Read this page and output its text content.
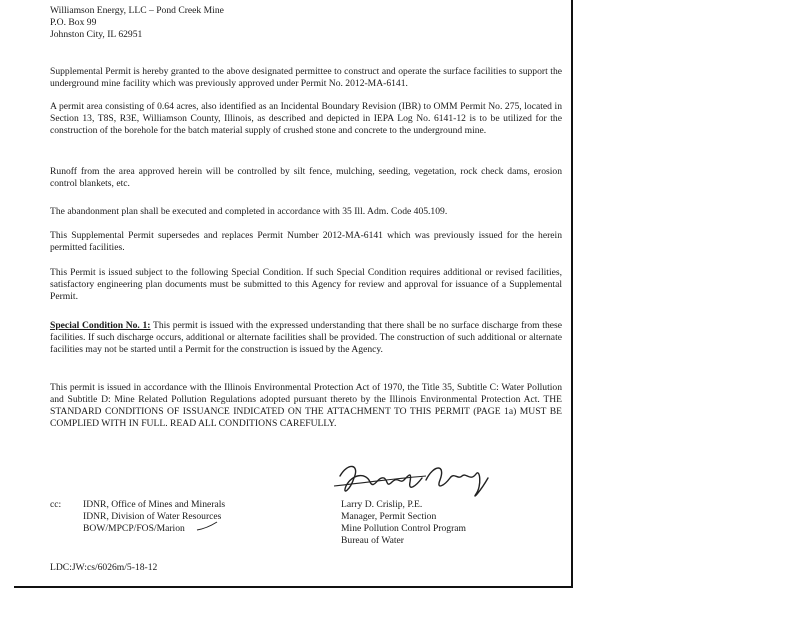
Williamson Energy, LLC – Pond Creek Mine
P.O. Box 99
Johnston City, IL 62951
Supplemental Permit is hereby granted to the above designated permittee to construct and operate the surface facilities to support the underground mine facility which was previously approved under Permit No. 2012-MA-6141.
A permit area consisting of 0.64 acres, also identified as an Incidental Boundary Revision (IBR) to OMM Permit No. 275, located in Section 13, T8S, R3E, Williamson County, Illinois, as described and depicted in IEPA Log No. 6141-12 is to be utilized for the construction of the borehole for the batch material supply of crushed stone and concrete to the underground mine.
Runoff from the area approved herein will be controlled by silt fence, mulching, seeding, vegetation, rock check dams, erosion control blankets, etc.
The abandonment plan shall be executed and completed in accordance with 35 Ill. Adm. Code 405.109.
This Supplemental Permit supersedes and replaces Permit Number 2012-MA-6141 which was previously issued for the herein permitted facilities.
This Permit is issued subject to the following Special Condition. If such Special Condition requires additional or revised facilities, satisfactory engineering plan documents must be submitted to this Agency for review and approval for issuance of a Supplemental Permit.
Special Condition No. 1: This permit is issued with the expressed understanding that there shall be no surface discharge from these facilities. If such discharge occurs, additional or alternate facilities shall be provided. The construction of such additional or alternate facilities may not be started until a Permit for the construction is issued by the Agency.
This permit is issued in accordance with the Illinois Environmental Protection Act of 1970, the Title 35, Subtitle C: Water Pollution and Subtitle D: Mine Related Pollution Regulations adopted pursuant thereto by the Illinois Environmental Protection Act. THE STANDARD CONDITIONS OF ISSUANCE INDICATED ON THE ATTACHMENT TO THIS PERMIT (PAGE 1a) MUST BE COMPLIED WITH IN FULL. READ ALL CONDITIONS CAREFULLY.
cc: IDNR, Office of Mines and Minerals
IDNR, Division of Water Resources
BOW/MPCP/FOS/Marion
Larry D. Crislip, P.E.
Manager, Permit Section
Mine Pollution Control Program
Bureau of Water
LDC:JW:cs/6026m/5-18-12
